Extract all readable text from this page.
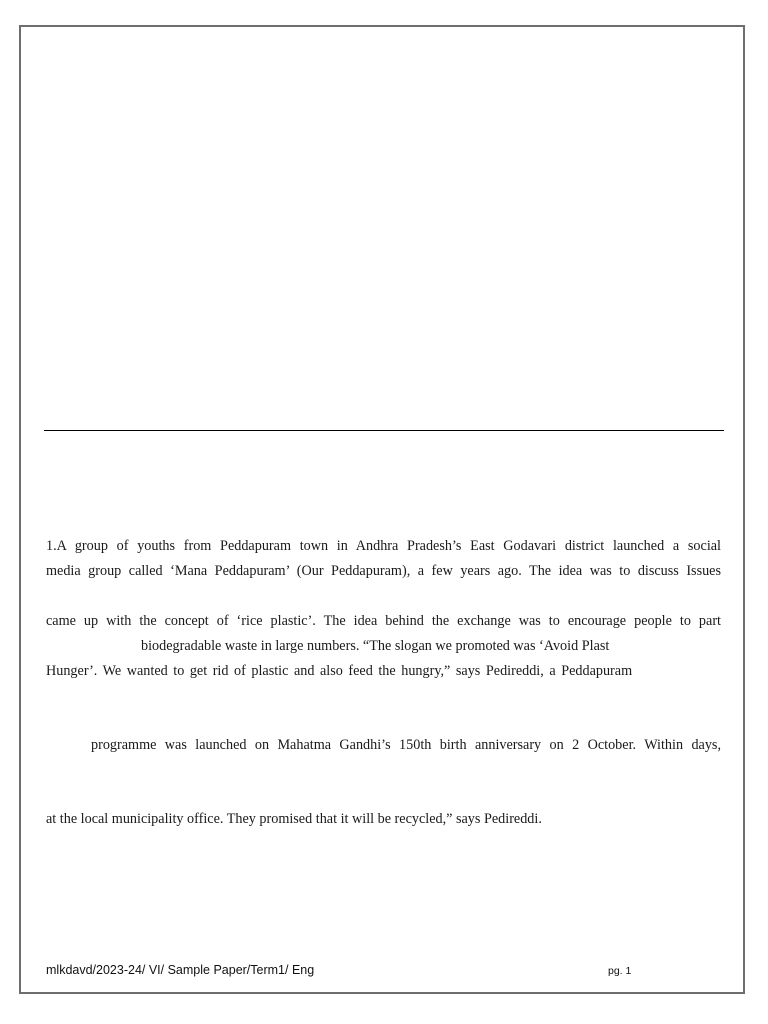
1.A group of youths from Peddapuram town in Andhra Pradesh’s East Godavari district launched a social
media group called ‘Mana Peddapuram’ (Our Peddapuram), a few years ago. The idea was to discuss Issues
came up with the concept of ‘rice plastic’. The idea behind the exchange was to encourage people to part
biodegradable waste in large numbers. “The slogan we promoted was ‘Avoid Plast
Hunger’. We wanted to get rid of plastic and also feed the hungry,” says Pedireddi, a Peddapuram
programme was launched on Mahatma Gandhi’s 150th birth anniversary on 2 October. Within days,
at the local municipality office. They promised that it will be recycled,” says Pedireddi.
mlkdavd/2023-24/ VI/ Sample Paper/Term1/ Eng	pg. 1
